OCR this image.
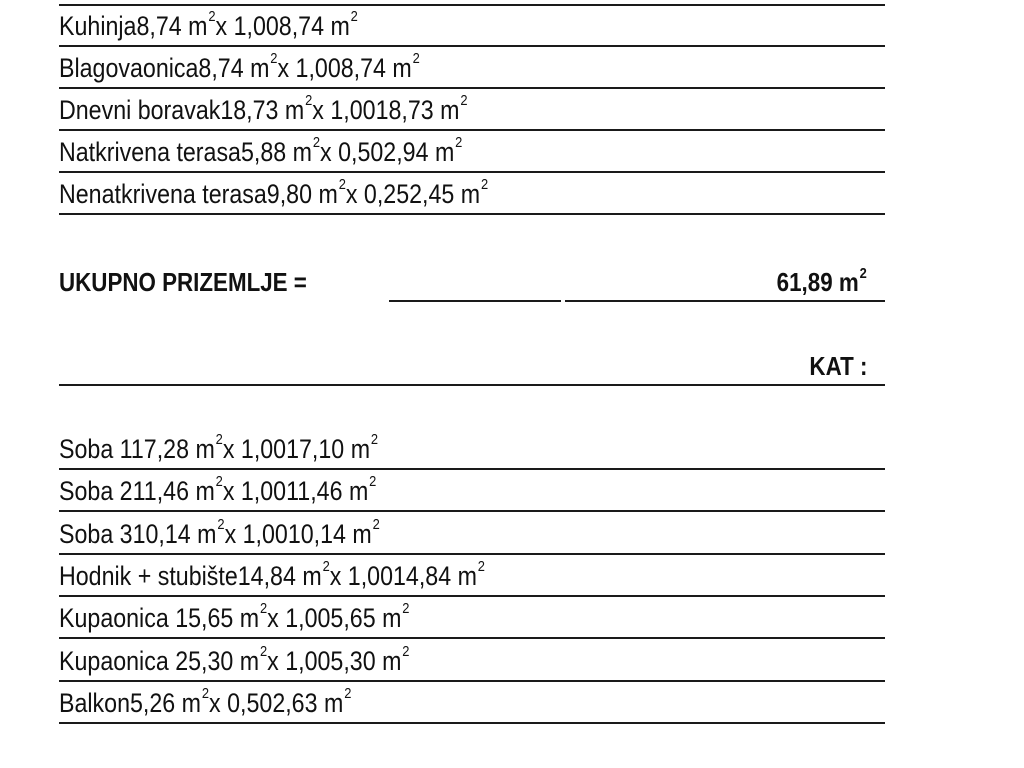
Kuhinja8,74 $m^2x$ 1,008,74 $m^2$
Blagovaonica8,74 $m^2x$ 1,008,74 $m^2$
Dnevni boravak18,73 $m^2x$ 1,0018,73 $m^2$
Natkrivena terasa5,88 $m^2x$ 0,502,94 $m^2$
Nenatkrivena terasa9,80 $m^2x$ 0,252,45 $m^2$
UKUPNO PRIZEMLJE =	61,89 $m^2$
KAT :
Soba 117,28 $m^2x$ 1,0017,10 $m^2$
Soba 211,46 $m^2x$ 1,0011,46 $m^2$
Soba 310,14 $m^2x$ 1,0010,14 $m^2$
Hodnik + stubište14,84 $m^2x$ 1,0014,84 $m^2$
Kupaonica 15,65 $m^2x$ 1,005,65 $m^2$
Kupaonica 25,30 $m^2x$ 1,005,30 $m^2$
Balkon5,26 $m^2x$ 0,502,63 $m^2$
